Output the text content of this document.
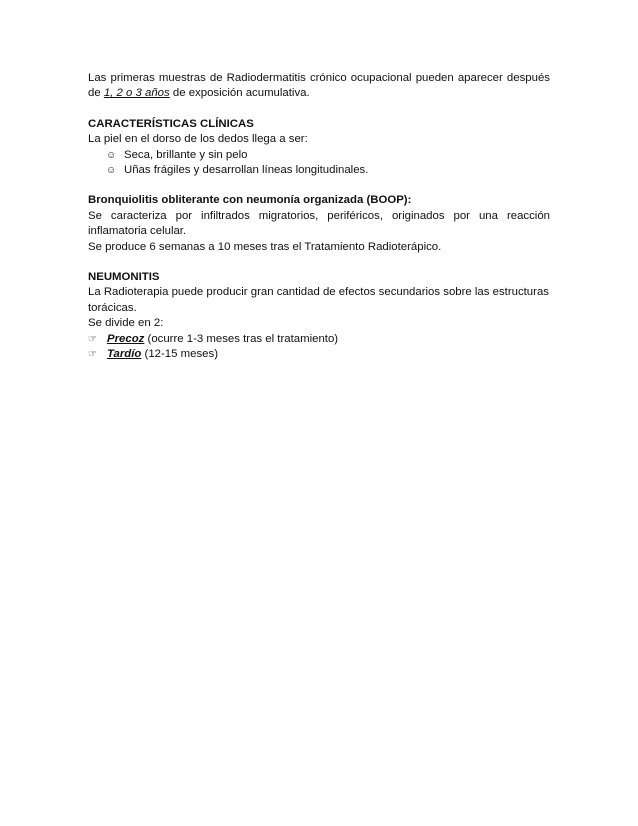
Las primeras muestras de Radiodermatitis crónico ocupacional pueden aparecer después de 1, 2 o 3 años de exposición acumulativa.

CARACTERÍSTICAS CLÍNICAS

La piel en el dorso de los dedos llega a ser:

☺ Seca, brillante y sin pelo

☺ Uñas frágiles y desarrollan líneas longitudinales.

Bronquiolitis obliterante con neumonía organizada (BOOP):

Se caracteriza por infiltrados migratorios, periféricos, originados por una reacción inflamatoria celular.

Se produce 6 semanas a 10 meses tras el Tratamiento Radioterápico.

NEUMONITIS

La Radioterapia puede producir gran cantidad de efectos secundarios sobre las estructuras torácicas.

Se divide en 2:

☞ Precoz (ocurre 1-3 meses tras el tratamiento)

☞ Tardío (12-15 meses)
